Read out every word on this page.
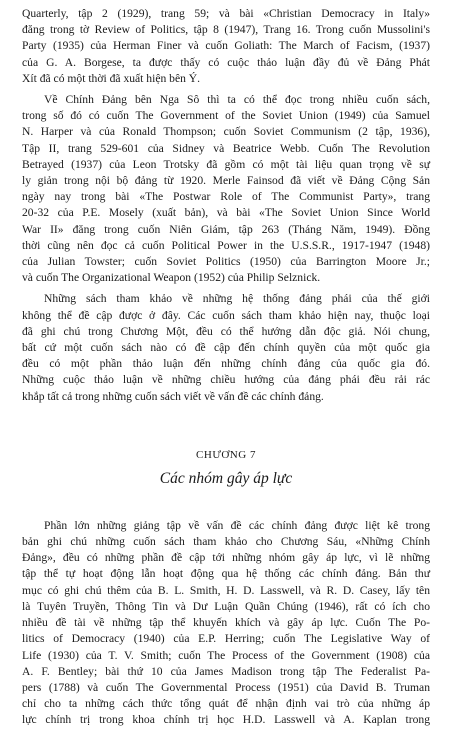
Quarterly, tập 2 (1929), trang 59; và bài «Christian Democracy in Italy»
đăng trong tờ Review of Politics, tập 8 (1947), Trang 16. Trong cuốn Mussolini's
Party (1935) của Herman Finer và cuốn Goliath: The March of Facism, (1937)
của G. A. Borgese, ta được thấy có cuộc thảo luận đầy đủ về Đảng Phát
Xít đã có một thời đã xuất hiện bên Ý.

Về Chính Đảng bên Nga Sô thì ta có thể đọc trong nhiều cuốn sách,
trong số đó có cuốn The Government of the Soviet Union (1949) của Samuel
N. Harper và của Ronald Thompson; cuốn Soviet Communism (2 tập, 1936),
Tập II, trang 529-601 của Sidney và Beatrice Webb. Cuốn The Revolution
Betrayed (1937) của Leon Trotsky đã gồm có một tài liệu quan trọng về sự
ly giản trong nội bộ đảng từ 1920. Merle Fainsod đã viết về Đảng Cộng Sản
ngày nay trong bài «The Postwar Role of The Communist Party», trang
20-32 của P.E. Mosely (xuất bản), và bài «The Soviet Union Since World
War II» đăng trong cuốn Niên Giám, tập 263 (Tháng Năm, 1949). Đồng
thời cũng nên đọc cả cuốn Political Power in the U.S.S.R., 1917-1947 (1948)
của Julian Towster; cuốn Soviet Politics (1950) của Barrington Moore Jr.;
và cuốn The Organizational Weapon (1952) của Philip Selznick.

Những sách tham khảo về những hệ thống đảng phái của thế giới
không thể đề cập được ở đây. Các cuốn sách tham khảo hiện nay, thuộc loại
đã ghi chú trong Chương Một, đều có thể hướng dẫn độc giả. Nói chung,
bất cứ một cuốn sách nào có đề cập đến chính quyền của một quốc gia
đều có một phần thảo luận đến những chính đảng của quốc gia đó.
Những cuộc thảo luận về những chiều hướng của đảng phái đều rải rác
khắp tất cả trong những cuốn sách viết về vấn đề các chính đảng.

CHƯƠNG 7
Các nhóm gây áp lực

Phần lớn những giảng tập về vấn đề các chính đảng được liệt kê trong
bản ghi chú những cuốn sách tham khảo cho Chương Sáu, «Những Chính
Đảng», đều có những phần đề cập tới những nhóm gây áp lực, vì lẽ những
tập thể tự hoạt động lẫn hoạt động qua hệ thống các chính đảng. Bản thư
mục có ghi chú thêm của B. L. Smith, H. D. Lasswell, và R. D. Casey, lấy tên
là Tuyên Truyền, Thông Tin và Dư Luận Quần Chúng (1946), rất có ích cho
nhiều đề tài về những tập thể khuyến khích và gây áp lực. Cuốn The Po-
litics of Democracy (1940) của E.P. Herring; cuốn The Legislative Way of
Life (1930) của T. V. Smith; cuốn The Process of the Government (1908) của
A. F. Bentley; bài thứ 10 của James Madison trong tập The Federalist Pa-
pers (1788) và cuốn The Governmental Process (1951) của David B. Truman
chỉ cho ta những cách thức tổng quát để nhận định vai trò của những áp
lực chính trị trong khoa chính trị học H.D. Lasswell và A. Kaplan trong
